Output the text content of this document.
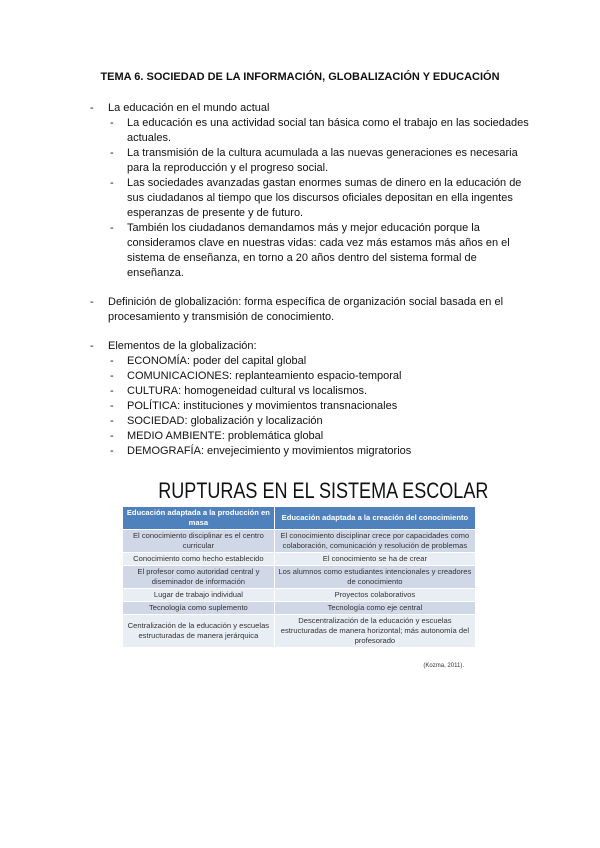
TEMA 6. SOCIEDAD DE LA INFORMACIÓN, GLOBALIZACIÓN Y EDUCACIÓN
- La educación en el mundo actual
- La educación es una actividad social tan básica como el trabajo en las sociedades actuales.
- La transmisión de la cultura acumulada a las nuevas generaciones es necesaria para la reproducción y el progreso social.
- Las sociedades avanzadas gastan enormes sumas de dinero en la educación de sus ciudadanos al tiempo que los discursos oficiales depositan en ella ingentes esperanzas de presente y de futuro.
- También los ciudadanos demandamos más y mejor educación porque la consideramos clave en nuestras vidas: cada vez más estamos más años en el sistema de enseñanza, en torno a 20 años dentro del sistema formal de enseñanza.
- Definición de globalización: forma específica de organización social basada en el procesamiento y transmisión de conocimiento.
- Elementos de la globalización:
- ECONOMÍA: poder del capital global
- COMUNICACIONES: replanteamiento espacio-temporal
- CULTURA: homogeneidad cultural vs localismos.
- POLÍTICA: instituciones y movimientos transnacionales
- SOCIEDAD: globalización y localización
- MEDIO AMBIENTE: problemática global
- DEMOGRAFÍA: envejecimiento y movimientos migratorios
RUPTURAS EN EL SISTEMA ESCOLAR
Educación adaptada a la producción en masa	Educación adaptada a la creación del conocimiento
El conocimiento disciplinar es el centro curricular	El conocimiento disciplinar crece por capacidades como colaboración, comunicación y resolución de problemas
Conocimiento como hecho establecido	El conocimiento se ha de crear
El profesor como autoridad central y diseminador de información	Los alumnos como estudiantes intencionales y creadores de conocimiento
Lugar de trabajo individual	Proyectos colaborativos
Tecnología como suplemento	Tecnología como eje central
Centralización de la educación y escuelas estructuradas de manera jerárquica	Descentralización de la educación y escuelas estructuradas de manera horizontal; más autonomía del profesorado
(Kozma, 2011).
